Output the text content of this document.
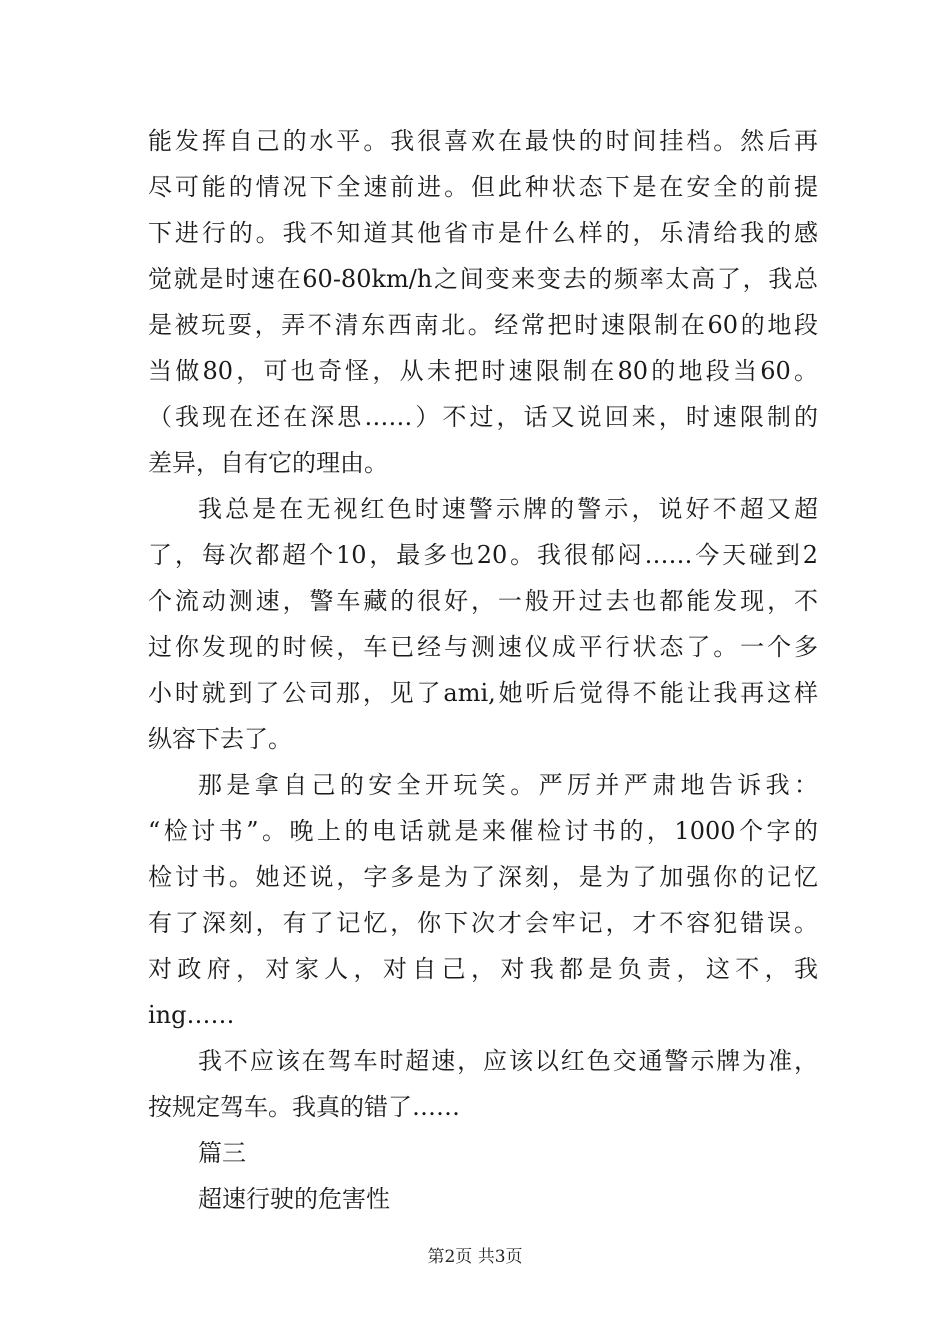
能发挥自己的水平。我很喜欢在最快的时间挂档。然后再
尽可能的情况下全速前进。但此种状态下是在安全的前提
下进行的。我不知道其他省市是什么样的，乐清给我的感
觉就是时速在60-80km/h之间变来变去的频率太高了，我总
是被玩耍，弄不清东西南北。经常把时速限制在60的地段
当做80，可也奇怪，从未把时速限制在80的地段当60。
（我现在还在深思……）不过，话又说回来，时速限制的
差异，自有它的理由。
我总是在无视红色时速警示牌的警示，说好不超又超
了，每次都超个10，最多也20。我很郁闷……今天碰到2
个流动测速，警车藏的很好，一般开过去也都能发现，不
过你发现的时候，车已经与测速仪成平行状态了。一个多
小时就到了公司那，见了ami,她听后觉得不能让我再这样
纵容下去了。
那是拿自己的安全开玩笑。严厉并严肃地告诉我：
“检讨书”。晚上的电话就是来催检讨书的，1000个字的
检讨书。她还说，字多是为了深刻，是为了加强你的记忆
有了深刻，有了记忆，你下次才会牢记，才不容犯错误。
对政府，对家人，对自己，对我都是负责，这不，我
ing……
我不应该在驾车时超速，应该以红色交通警示牌为准，
按规定驾车。我真的错了……
篇三
超速行驶的危害性
第2页 共3页
